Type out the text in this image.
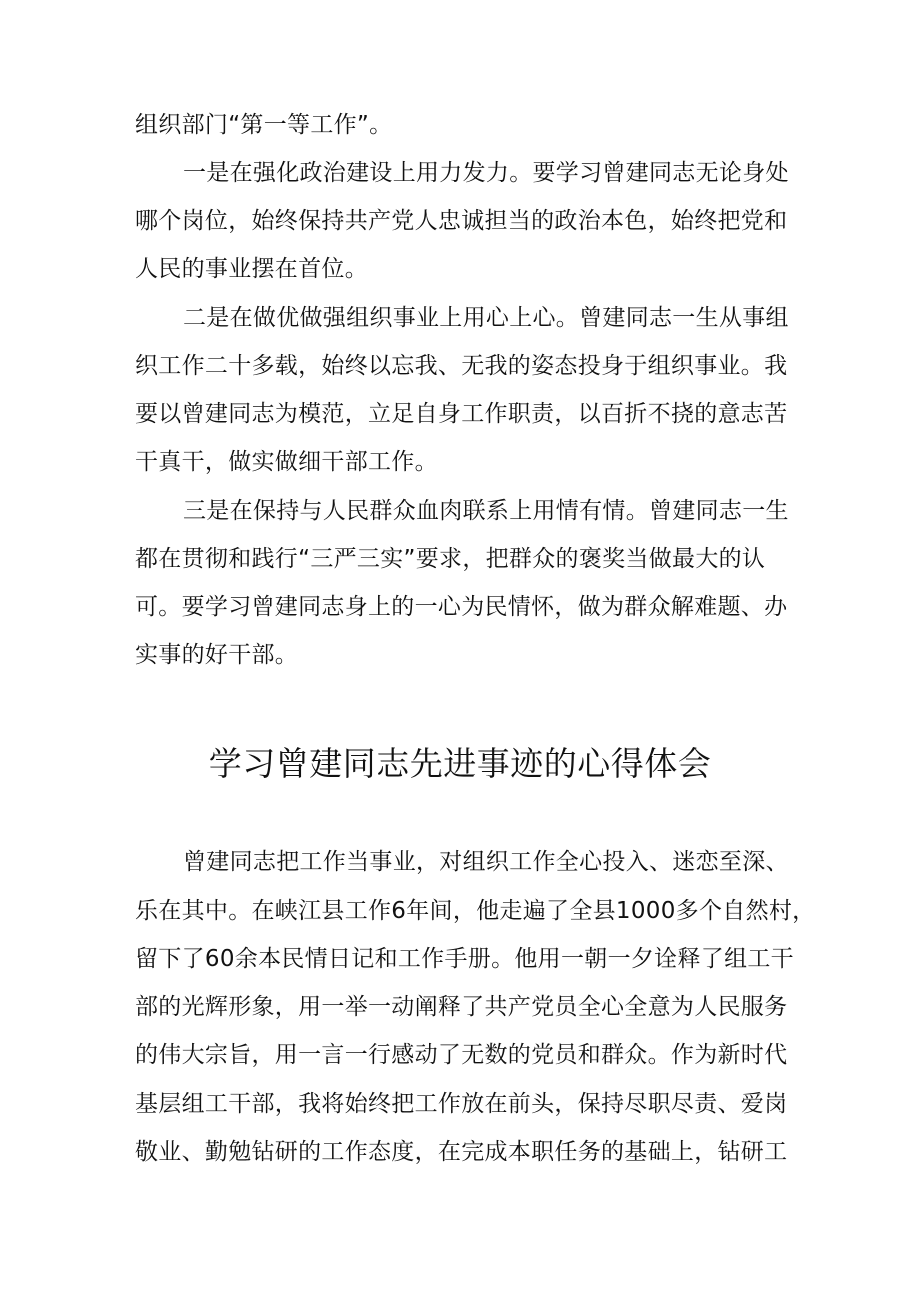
组织部门“第一等工作”。
一是在强化政治建设上用力发力。要学习曾建同志无论身处
哪个岗位，始终保持共产党人忠诚担当的政治本色，始终把党和
人民的事业摆在首位。
二是在做优做强组织事业上用心上心。曾建同志一生从事组
织工作二十多载，始终以忘我、无我的姿态投身于组织事业。我
要以曾建同志为模范，立足自身工作职责，以百折不挠的意志苦
干真干，做实做细干部工作。
三是在保持与人民群众血肉联系上用情有情。曾建同志一生
都在贯彻和践行“三严三实”要求，把群众的褒奖当做最大的认
可。要学习曾建同志身上的一心为民情怀，做为群众解难题、办
实事的好干部。
学习曾建同志先进事迹的心得体会
曾建同志把工作当事业，对组织工作全心投入、迷恋至深、
乐在其中。在峡江县工作6年间，他走遍了全县1000多个自然村，
留下了60余本民情日记和工作手册。他用一朝一夕诠释了组工干
部的光辉形象，用一举一动阐释了共产党员全心全意为人民服务
的伟大宗旨，用一言一行感动了无数的党员和群众。作为新时代
基层组工干部，我将始终把工作放在前头，保持尽职尽责、爱岗
敬业、勤勉钻研的工作态度，在完成本职任务的基础上，钻研工
